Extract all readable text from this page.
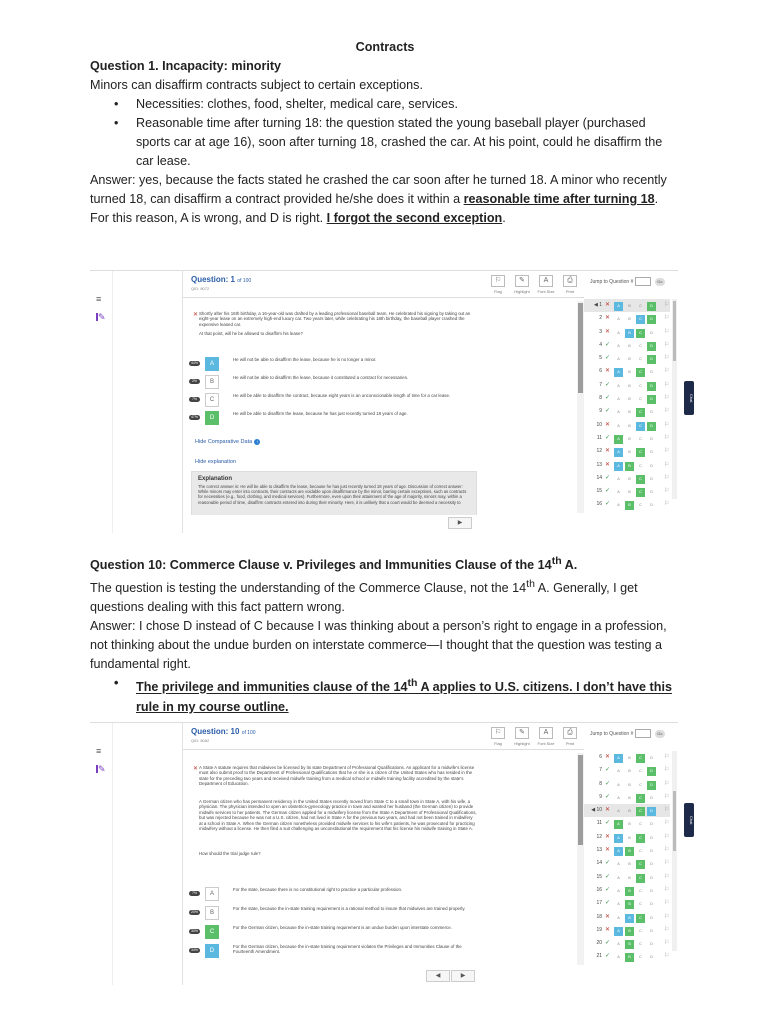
Contracts

Question 1. Incapacity: minority

Minors can disaffirm contracts subject to certain exceptions.

• Necessities: clothes, food, shelter, medical care, services.
• Reasonable time after turning 18: the question stated the young baseball player (purchased sports car at age 16), soon after turning 18, crashed the car. At his point, could he disaffirm the car lease.

Answer: yes, because the facts stated he crashed the car soon after he turned 18. A minor who recently turned 18, can disaffirm a contract provided he/she does it within a reasonable time after turning 18. For this reason, A is wrong, and D is right. I forgot the second exception.

Question 10: Commerce Clause v. Privileges and Immunities Clause of the 14th A.

The question is testing the understanding of the Commerce Clause, not the 14th A. Generally, I get questions dealing with this fact pattern wrong.

Answer: I chose D instead of C because I was thinking about a person’s right to engage in a profession, not thinking about the undue burden on interstate commerce—I thought that the question was testing a fundamental right.

• The privilege and immunities clause of the 14th A applies to U.S. citizens. I don’t have this rule in my course outline.
≡
✎
Question: 1 of 100
QID: 8072
⚐
Flag
✎
Highlight
A
Font Size
⎙
Print
✕ Shortly after his 16th birthday, a 16-year-old was drafted by a leading professional baseball team. He celebrated his signing by taking out an eight-year lease on an extremely high-end luxury car. Two years later, while celebrating his 18th birthday, the baseball player crashed the expensive leased car.
At that point, will he be allowed to disaffirm his lease?
44%	A
He will not be able to disaffirm the lease, because he is no longer a minor.
2%	B
He will not be able to disaffirm the lease, because it constituted a contract for necessaries.
7%	C
He will be able to disaffirm the contract, because eight years is an unconscionable length of time for a car lease.
47%	D
He will be able to disaffirm the lease, because he has just recently turned 18 years of age.
Hide Comparative Data i
Hide explanation
Explanation
The correct answer is: He will be able to disaffirm the lease, because he has just recently turned 18 years of age. Discussion of correct answer: While minors may enter into contracts, their contracts are voidable upon disaffirmance by the minor, barring certain exceptions, such as contracts for necessities (e.g., food, clothing, and medical services). Furthermore, even upon their attainment of the age of majority, minors may, within a reasonable period of time, disaffirm contracts entered into during their minority. Here, it is unlikely that a court would be deemed a necessity to
▶
Jump to Question #	Go
◀ 1 ✕	A	B	C	D	⚐
2 ✕	A	B	C	D	⚐
3 ✕	A	B	C	D	⚐
4 ✓	A	B	C	D	⚐
5 ✓	A	B	C	D	⚐
6 ✕	A	B	C	D	⚐
7 ✓	A	B	C	D	⚐
8 ✓	A	B	C	D	⚐
9 ✓	A	B	C	D	⚐
10 ✕	A	B	C	D	⚐
11 ✓	A	B	C	D	⚐
12 ✕	A	B	C	D	⚐
13 ✕	A	B	C	D	⚐
14 ✓	A	B	C	D	⚐
15 ✓	A	B	C	D	⚐
16 ✓	A	B	C	D	⚐
Chat
≡
✎
Question: 10 of 100
QID: 8082
⚐
Flag
✎
Highlight
A
Font Size
⎙
Print
✕ A State A statute requires that midwives be licensed by its state Department of Professional Qualifications. An applicant for a midwife's license must also submit proof to the Department of Professional Qualifications that he or she is a citizen of the United States who has resided in the state for the preceding two years and received midwife training from a medical school or midwife training facility accredited by the state's Department of Education.
A German citizen who has permanent residency in the United States recently moved from State C to a small town in State A, with his wife, a physician. The physician intended to open an obstetrics-gynecology practice in town and wanted her husband (the German citizen) to provide midwife services to her patients. The German citizen applied for a midwifery license from the State A Department of Professional Qualifications, but was rejected because he was not a U.S. citizen, had not lived in State A for the previous two years, and had not been trained in midwifery at a school in State A. When the German citizen nonetheless provided midwife services to his wife's patients, he was prosecuted for practicing midwifery without a license. He then filed a suit challenging as unconstitutional the requirement that his license his midwife training in State A.
How should the trial judge rule?
7%	A
For the state, because there is no constitutional right to practice a particular profession.
20%	B
For the state, because the in-state training requirement is a rational method to insure that midwives are trained properly.
30%	C
For the German citizen, because the in-state training requirement is an undue burden upon interstate commerce.
34%	D
For the German citizen, because the in-state training requirement violates the Privileges and Immunities Clause of the Fourteenth Amendment.
◀	▶
Jump to Question #	Go
6 ✕	A	B	C	D	⚐
7 ✓	A	B	C	D	⚐
8 ✓	A	B	C	D	⚐
9 ✓	A	B	C	D	⚐
◀ 10 ✕	A	B	C	D	⚐
11 ✓	A	B	C	D	⚐
12 ✕	A	B	C	D	⚐
13 ✕	A	B	C	D	⚐
14 ✓	A	B	C	D	⚐
15 ✓	A	B	C	D	⚐
16 ✓	A	B	C	D	⚐
17 ✓	A	B	C	D	⚐
18 ✕	A	B	C	D	⚐
19 ✕	A	B	C	D	⚐
20 ✓	A	B	C	D	⚐
21 ✓	A	B	C	D	⚐
Chat
